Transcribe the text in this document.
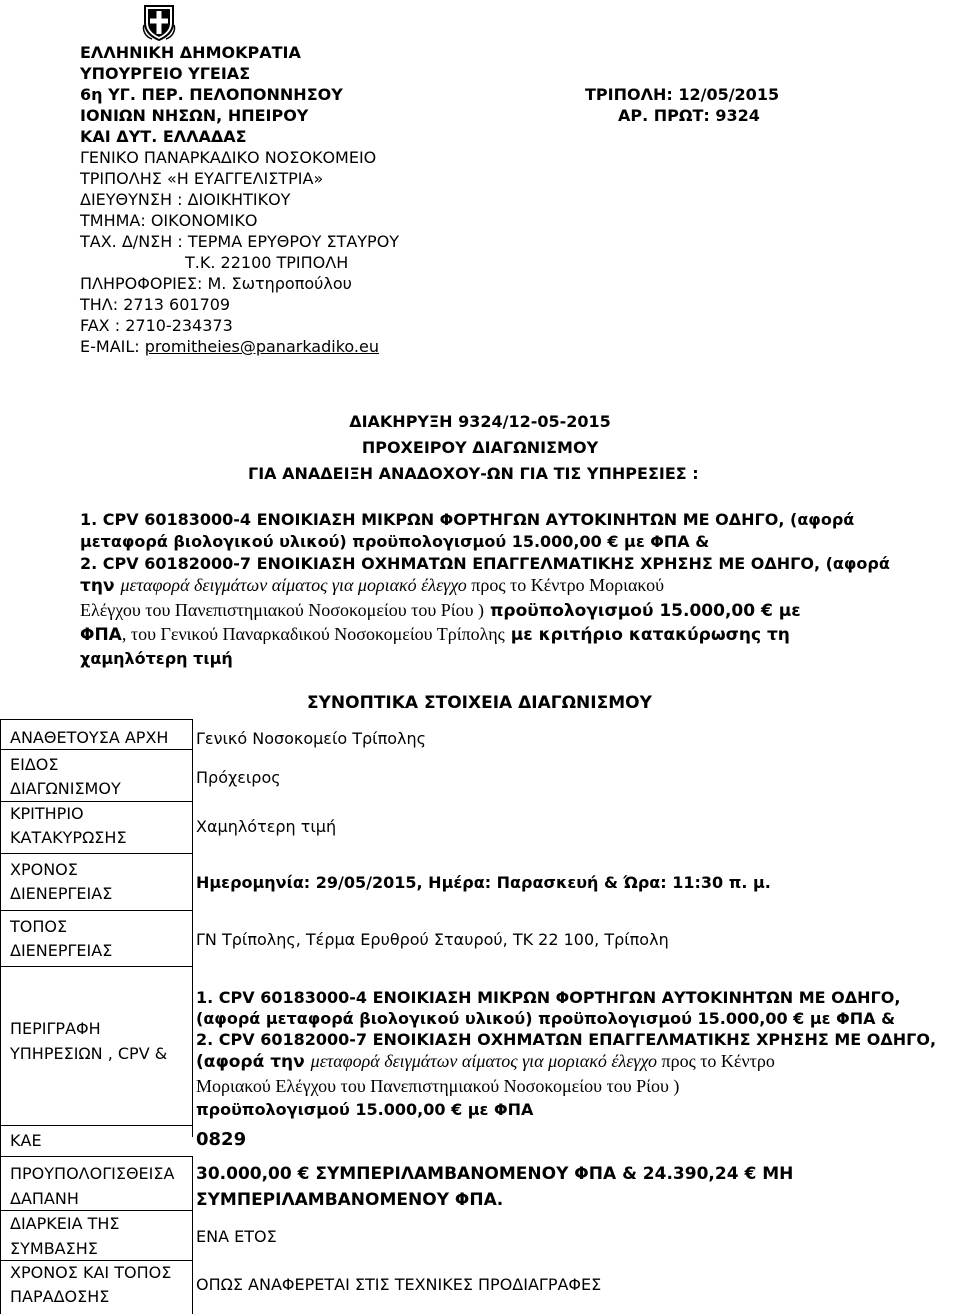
ΕΛΛΗΝΙΚΗ ΔΗΜΟΚΡΑΤΙΑ
ΥΠΟΥΡΓΕΙΟ ΥΓΕΙΑΣ
6η ΥΓ. ΠΕΡ. ΠΕΛΟΠΟΝΝΗΣΟΥ
ΙΟΝΙΩΝ ΝΗΣΩΝ, ΗΠΕΙΡΟΥ
ΚΑΙ ΔΥΤ. ΕΛΛΑΔΑΣ
ΓΕΝΙΚΟ ΠΑΝΑΡΚΑΔΙΚΟ ΝΟΣΟΚΟΜΕΙΟ
ΤΡΙΠΟΛΗΣ «Η ΕΥΑΓΓΕΛΙΣΤΡΙΑ»
ΔΙΕΥΘΥΝΣΗ : ΔΙΟΙΚΗΤΙΚΟΥ
ΤΜΗΜΑ: ΟΙΚΟΝΟΜΙΚΟ
ΤΑΧ. Δ/ΝΣΗ : ΤΕΡΜΑ ΕΡΥΘΡΟΥ ΣΤΑΥΡΟΥ
Τ.Κ. 22100 ΤΡΙΠΟΛΗ
ΠΛΗΡΟΦΟΡΙΕΣ: Μ. Σωτηροπούλου
ΤΗΛ: 2713 601709
FAX : 2710-234373
E-MAIL: promitheies@panarkadiko.eu
ΤΡΙΠΟΛΗ: 12/05/2015
ΑΡ. ΠΡΩΤ: 9324
ΔΙΑΚΗΡΥΞΗ 9324/12-05-2015
ΠΡΟΧΕΙΡΟΥ ΔΙΑΓΩΝΙΣΜΟΥ
ΓΙΑ ΑΝΑΔΕΙΞΗ ΑΝΑΔΟΧΟΥ-ΩΝ ΓΙΑ ΤΙΣ ΥΠΗΡΕΣΙΕΣ :
1. CPV 60183000-4 ΕΝΟΙΚΙΑΣΗ ΜΙΚΡΩΝ ΦΟΡΤΗΓΩΝ ΑΥΤΟΚΙΝΗΤΩΝ ΜΕ ΟΔΗΓΟ, (αφορά
μεταφορά βιολογικού υλικού) προϋπολογισμού 15.000,00 € με ΦΠΑ &
2. CPV 60182000-7 ΕΝΟΙΚΙΑΣΗ ΟΧΗΜΑΤΩΝ ΕΠΑΓΓΕΛΜΑΤΙΚΗΣ ΧΡΗΣΗΣ ΜΕ ΟΔΗΓΟ, (αφορά
την μεταφορά δειγμάτων αίματος για μοριακό έλεγχο προς το Κέντρο Μοριακού
Ελέγχου του Πανεπιστημιακού Νοσοκομείου του Ρίου ) προϋπολογισμού 15.000,00 € με
ΦΠΑ, του Γενικού Παναρκαδικού Νοσοκομείου Τρίπολης με κριτήριο κατακύρωσης τη
χαμηλότερη τιμή
ΣΥΝΟΠΤΙΚΑ ΣΤΟΙΧΕΙΑ ΔΙΑΓΩΝΙΣΜΟΥ
ΑΝΑΘΕΤΟΥΣΑ ΑΡΧΗ
ΕΙΔΟΣ
ΔΙΑΓΩΝΙΣΜΟΥ
ΚΡΙΤΗΡΙΟ
ΚΑΤΑΚΥΡΩΣΗΣ
ΧΡΟΝΟΣ
ΔΙΕΝΕΡΓΕΙΑΣ
ΤΟΠΟΣ
ΔΙΕΝΕΡΓΕΙΑΣ
ΠΕΡΙΓΡΑΦΗ
ΥΠΗΡΕΣΙΩΝ , CPV &
ΚΑΕ
ΠΡΟΥΠΟΛΟΓΙΣΘΕΙΣΑ
ΔΑΠΑΝΗ
ΔΙΑΡΚΕΙΑ ΤΗΣ
ΣΥΜΒΑΣΗΣ
ΧΡΟΝΟΣ ΚΑΙ ΤΟΠΟΣ
ΠΑΡΑΔΟΣΗΣ
Γενικό Νοσοκομείο Τρίπολης
Πρόχειρος
Χαμηλότερη τιμή
Ημερομηνία: 29/05/2015, Ημέρα: Παρασκευή & Ώρα: 11:30 π. μ.
ΓΝ Τρίπολης, Τέρμα Ερυθρού Σταυρού, ΤΚ 22 100, Τρίπολη
1. CPV 60183000-4 ΕΝΟΙΚΙΑΣΗ ΜΙΚΡΩΝ ΦΟΡΤΗΓΩΝ ΑΥΤΟΚΙΝΗΤΩΝ ΜΕ ΟΔΗΓΟ,
(αφορά μεταφορά βιολογικού υλικού) προϋπολογισμού 15.000,00 € με ΦΠΑ &
2. CPV 60182000-7 ΕΝΟΙΚΙΑΣΗ ΟΧΗΜΑΤΩΝ ΕΠΑΓΓΕΛΜΑΤΙΚΗΣ ΧΡΗΣΗΣ ΜΕ ΟΔΗΓΟ,
(αφορά την μεταφορά δειγμάτων αίματος για μοριακό έλεγχο προς το Κέντρο
Μοριακού Ελέγχου του Πανεπιστημιακού Νοσοκομείου του Ρίου )
προϋπολογισμού 15.000,00 € με ΦΠΑ
0829
30.000,00 € ΣΥΜΠΕΡΙΛΑΜΒΑΝΟΜΕΝΟΥ ΦΠΑ & 24.390,24 € ΜΗ
ΣΥΜΠΕΡΙΛΑΜΒΑΝΟΜΕΝΟΥ ΦΠΑ.
ΕΝΑ ΕΤΟΣ
ΟΠΩΣ ΑΝΑΦΕΡΕΤΑΙ ΣΤΙΣ ΤΕΧΝΙΚΕΣ ΠΡΟΔΙΑΓΡΑΦΕΣ
